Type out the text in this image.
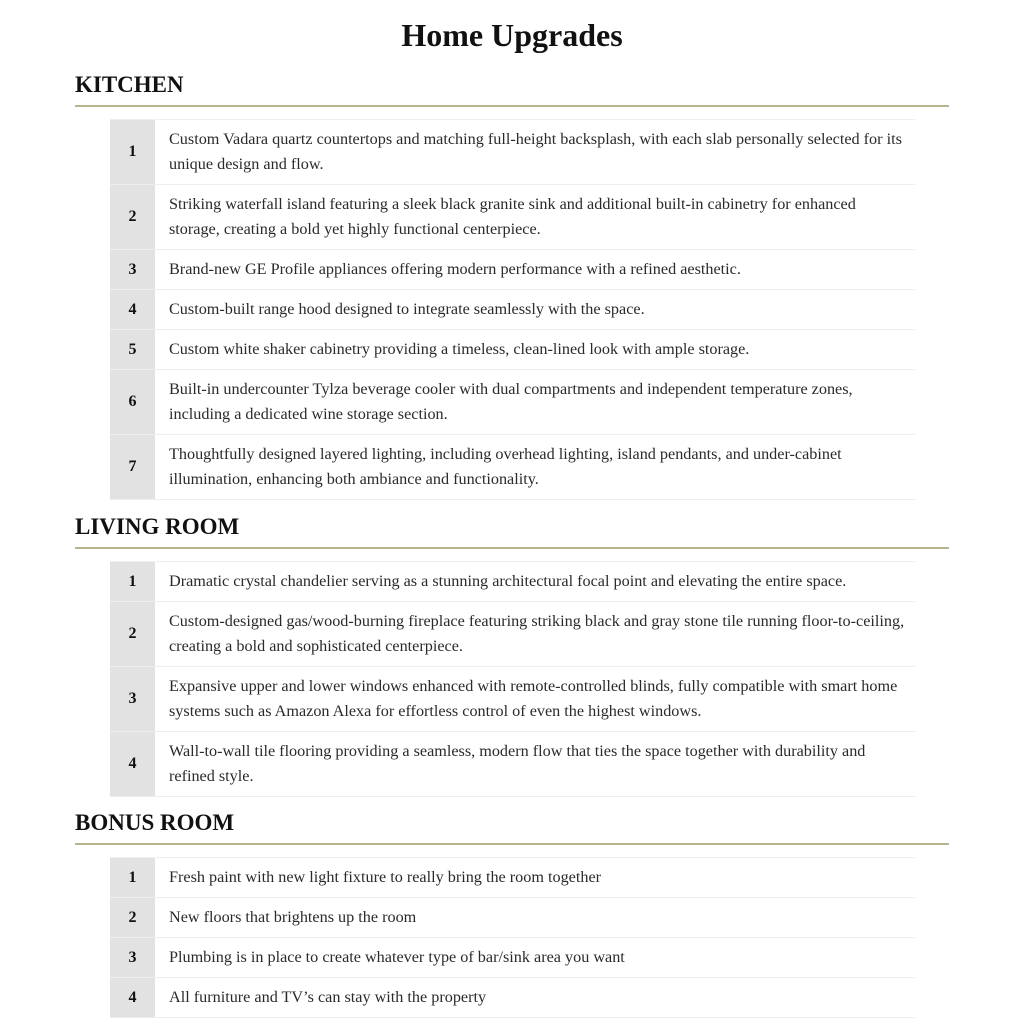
Home Upgrades
KITCHEN
1	Custom Vadara quartz countertops and matching full-height backsplash, with each slab personally selected for its unique design and flow.
2	Striking waterfall island featuring a sleek black granite sink and additional built-in cabinetry for enhanced storage, creating a bold yet highly functional centerpiece.
3	Brand-new GE Profile appliances offering modern performance with a refined aesthetic.
4	Custom-built range hood designed to integrate seamlessly with the space.
5	Custom white shaker cabinetry providing a timeless, clean-lined look with ample storage.
6	Built-in undercounter Tylza beverage cooler with dual compartments and independent temperature zones, including a dedicated wine storage section.
7	Thoughtfully designed layered lighting, including overhead lighting, island pendants, and under-cabinet illumination, enhancing both ambiance and functionality.
LIVING ROOM
1	Dramatic crystal chandelier serving as a stunning architectural focal point and elevating the entire space.
2	Custom-designed gas/wood-burning fireplace featuring striking black and gray stone tile running floor-to-ceiling, creating a bold and sophisticated centerpiece.
3	Expansive upper and lower windows enhanced with remote-controlled blinds, fully compatible with smart home systems such as Amazon Alexa for effortless control of even the highest windows.
4	Wall-to-wall tile flooring providing a seamless, modern flow that ties the space together with durability and refined style.
BONUS ROOM
1	Fresh paint with new light fixture to really bring the room together
2	New floors that brightens up the room
3	Plumbing is in place to create whatever type of bar/sink area you want
4	All furniture and TV’s can stay with the property
